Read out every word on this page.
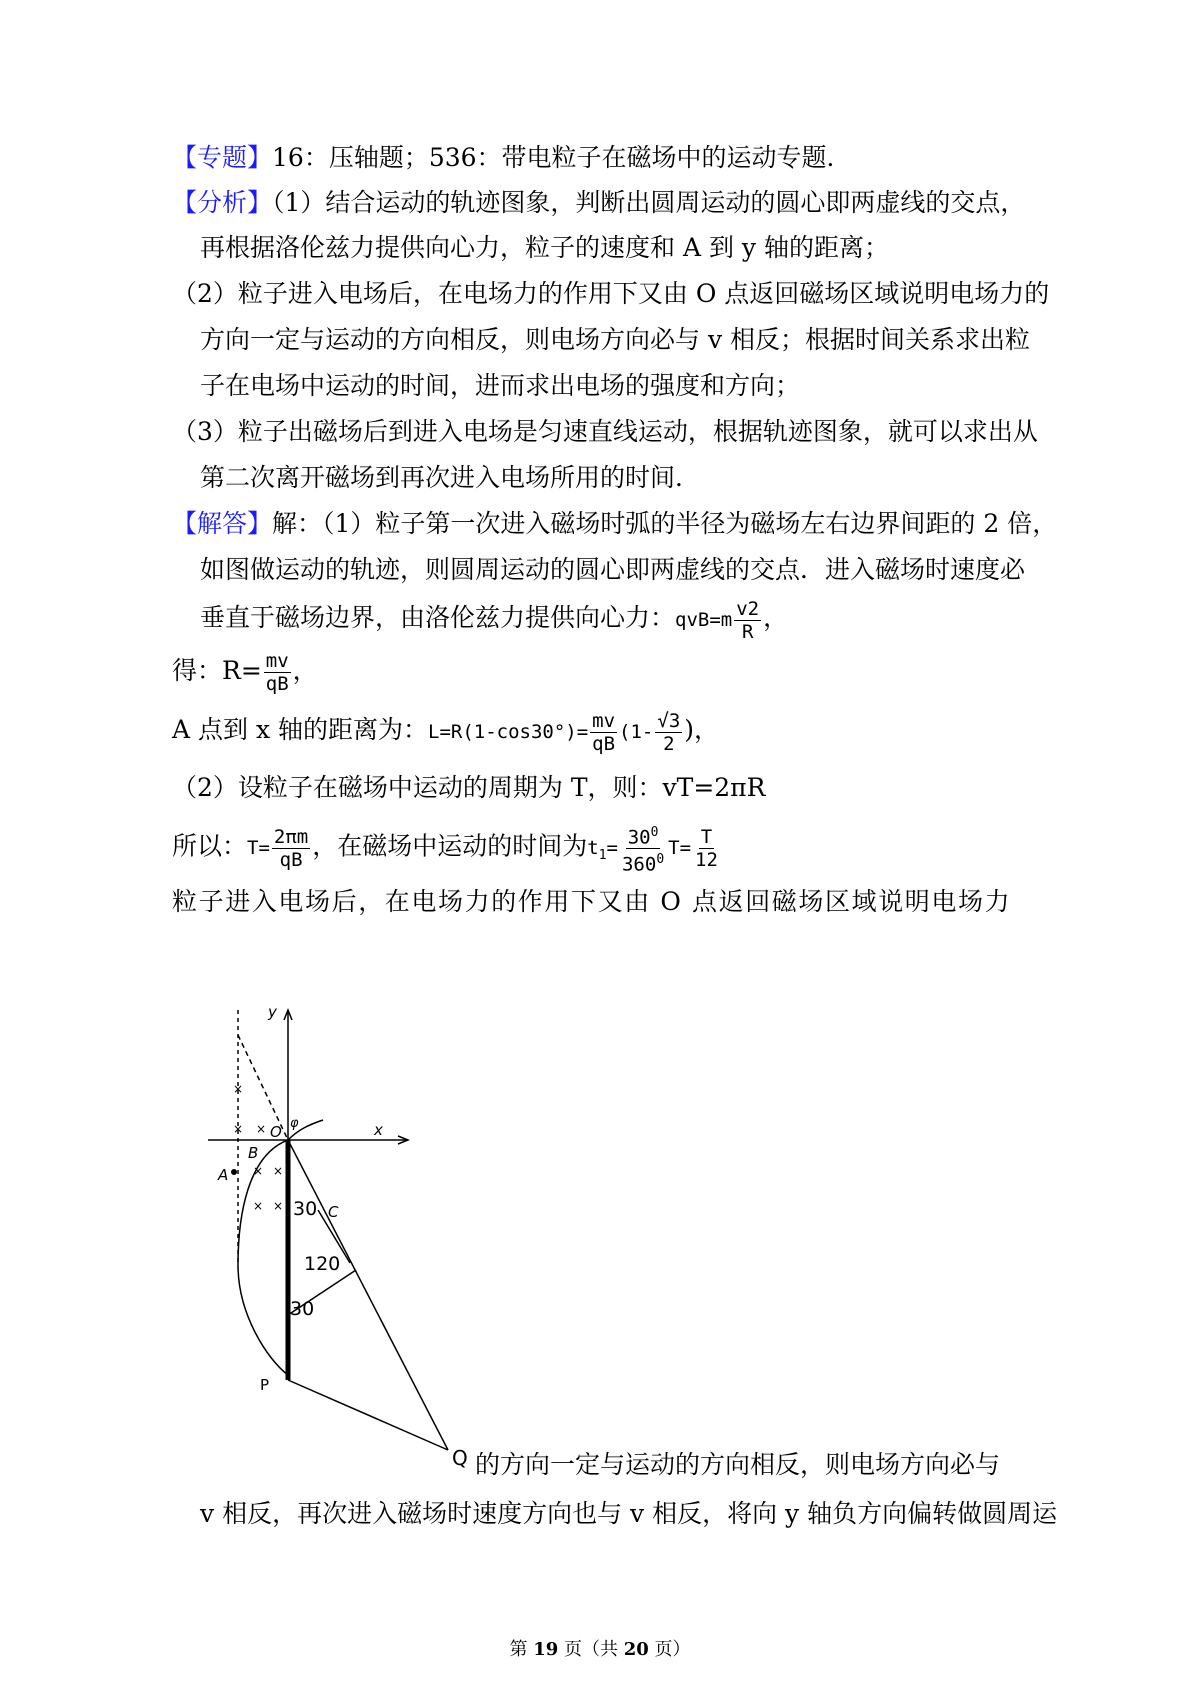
【专题】16：压轴题；536：带电粒子在磁场中的运动专题．
【分析】（1）结合运动的轨迹图象，判断出圆周运动的圆心即两虚线的交点，
再根据洛伦兹力提供向心力，粒子的速度和 A 到 y 轴的距离；
（2）粒子进入电场后，在电场力的作用下又由 O 点返回磁场区域说明电场力的
方向一定与运动的方向相反，则电场方向必与 v 相反；根据时间关系求出粒
子在电场中运动的时间，进而求出电场的强度和方向；
（3）粒子出磁场后到进入电场是匀速直线运动，根据轨迹图象，就可以求出从
第二次离开磁场到再次进入电场所用的时间．
【解答】解：（1）粒子第一次进入磁场时弧的半径为磁场左右边界间距的 2 倍，
如图做运动的轨迹，则圆周运动的圆心即两虚线的交点．进入磁场时速度必
垂直于磁场边界，由洛伦兹力提供向心力：$qvB=m \frac{v2}{R}$ ，
得：$R= \frac{mv}{qB}$ ，
A 点到 x 轴的距离为：$L=R(1-\cos 30^\circ)= \frac{mv}{qB} (1- \frac{√3}{2}$ )，
（2）设粒子在磁场中运动的周期为 T，则：vT=2πR
所以：$T= \frac{2\pi m}{qB}$ ，在磁场中运动的时间为$t_1= \frac{30^0}{360^0} T= \frac{T}{12}$
粒子进入电场后，在电场力的作用下又由 O 点返回磁场区域说明电场力
y
x
O
B
A
C
P
φ
30
120
30
Q
×
× ×
× ×
× ×
的方向一定与运动的方向相反，则电场方向必与
v 相反，再次进入磁场时速度方向也与 v 相反，将向 y 轴负方向偏转做圆周运
第 19 页（共 20 页）
